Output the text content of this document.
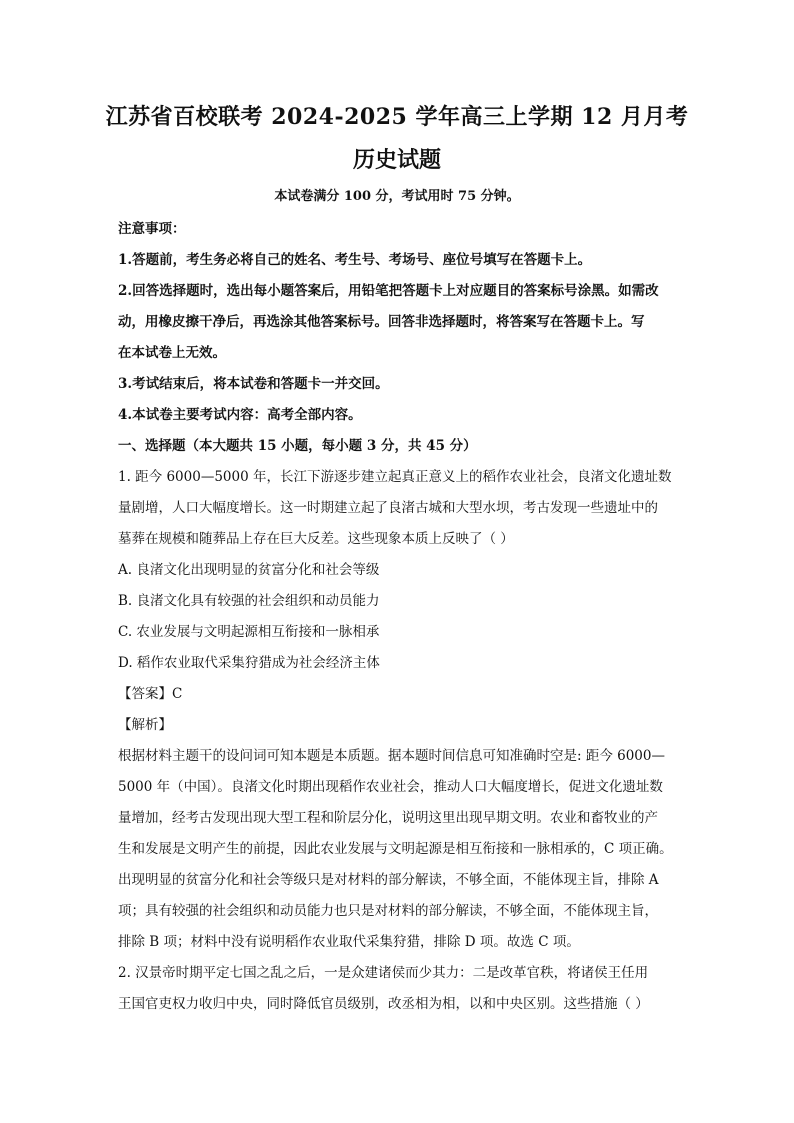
江苏省百校联考 2024-2025 学年高三上学期 12 月月考
历史试题
本试卷满分 100 分，考试用时 75 分钟。
注意事项：
1.答题前，考生务必将自己的姓名、考生号、考场号、座位号填写在答题卡上。
2.回答选择题时，选出每小题答案后，用铅笔把答题卡上对应题目的答案标号涂黑。如需改
动，用橡皮擦干净后，再选涂其他答案标号。回答非选择题时，将答案写在答题卡上。写
在本试卷上无效。
3.考试结束后，将本试卷和答题卡一并交回。
4.本试卷主要考试内容：高考全部内容。
一、选择题（本大题共 15 小题，每小题 3 分，共 45 分）
1. 距今 6000—5000 年，长江下游逐步建立起真正意义上的稻作农业社会，良渚文化遗址数
量剧增，人口大幅度增长。这一时期建立起了良渚古城和大型水坝，考古发现一些遗址中的
墓葬在规模和随葬品上存在巨大反差。这些现象本质上反映了（ ）
A. 良渚文化出现明显的贫富分化和社会等级
B. 良渚文化具有较强的社会组织和动员能力
C. 农业发展与文明起源相互衔接和一脉相承
D. 稻作农业取代采集狩猎成为社会经济主体
【答案】C
【解析】
根据材料主题干的设问词可知本题是本质题。据本题时间信息可知准确时空是: 距今 6000—
5000 年（中国）。良渚文化时期出现稻作农业社会，推动人口大幅度增长，促进文化遗址数
量增加，经考古发现出现大型工程和阶层分化，说明这里出现早期文明。农业和畜牧业的产
生和发展是文明产生的前提，因此农业发展与文明起源是相互衔接和一脉相承的，C 项正确。
出现明显的贫富分化和社会等级只是对材料的部分解读，不够全面，不能体现主旨，排除 A
项；具有较强的社会组织和动员能力也只是对材料的部分解读，不够全面，不能体现主旨，
排除 B 项；材料中没有说明稻作农业取代采集狩猎，排除 D 项。故选 C 项。
2. 汉景帝时期平定七国之乱之后，一是众建诸侯而少其力：二是改革官秩，将诸侯王任用
王国官吏权力收归中央，同时降低官员级别，改丞相为相，以和中央区别。这些措施（ ）
